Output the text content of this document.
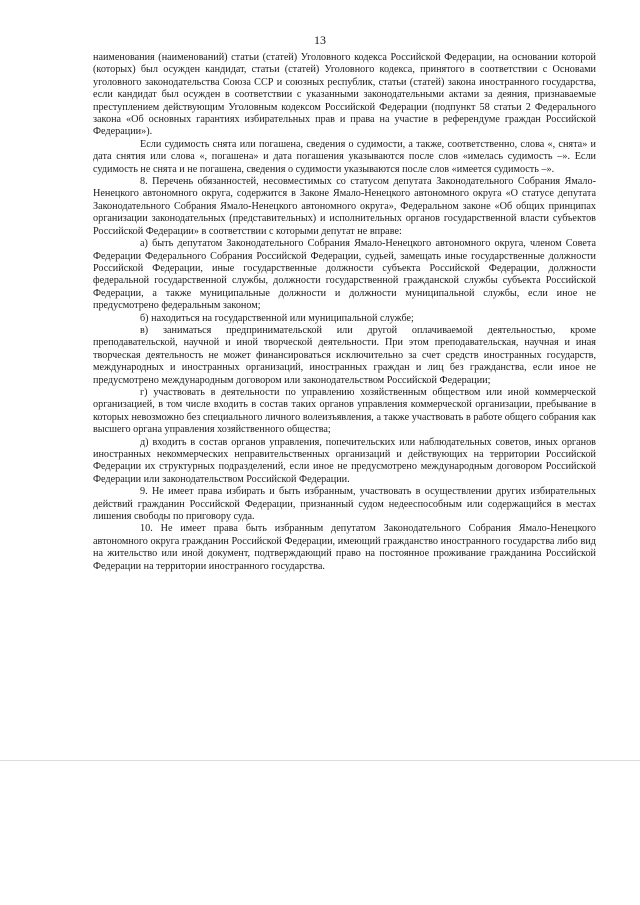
13

наименования (наименований) статьи (статей) Уголовного кодекса Российской Федерации, на основании которой (которых) был осужден кандидат, статьи (статей) Уголовного кодекса, принятого в соответствии с Основами уголовного законодательства Союза ССР и союзных республик, статьи (статей) закона иностранного государства, если кандидат был осужден в соответствии с указанными законодательными актами за деяния, признаваемые преступлением действующим Уголовным кодексом Российской Федерации (подпункт 58 статьи 2 Федерального закона «Об основных гарантиях избирательных прав и права на участие в референдуме граждан Российской Федерации»).

Если судимость снята или погашена, сведения о судимости, а также, соответственно, слова «, снята» и дата снятия или слова «, погашена» и дата погашения указываются после слов «имелась судимость –». Если судимость не снята и не погашена, сведения о судимости указываются после слов «имеется судимость –».

8. Перечень обязанностей, несовместимых со статусом депутата Законодательного Собрания Ямало-Ненецкого автономного округа, содержится в Законе Ямало-Ненецкого автономного округа «О статусе депутата Законодательного Собрания Ямало-Ненецкого автономного округа», Федеральном законе «Об общих принципах организации законодательных (представительных) и исполнительных органов государственной власти субъектов Российской Федерации» в соответствии с которыми депутат не вправе:

а) быть депутатом Законодательного Собрания Ямало-Ненецкого автономного округа, членом Совета Федерации Федерального Собрания Российской Федерации, судьей, замещать иные государственные должности Российской Федерации, иные государственные должности субъекта Российской Федерации, должности федеральной государственной службы, должности государственной гражданской службы субъекта Российской Федерации, а также муниципальные должности и должности муниципальной службы, если иное не предусмотрено федеральным законом;

б) находиться на государственной или муниципальной службе;

в) заниматься предпринимательской или другой оплачиваемой деятельностью, кроме преподавательской, научной и иной творческой деятельности. При этом преподавательская, научная и иная творческая деятельность не может финансироваться исключительно за счет средств иностранных государств, международных и иностранных организаций, иностранных граждан и лиц без гражданства, если иное не предусмотрено международным договором или законодательством Российской Федерации;

г) участвовать в деятельности по управлению хозяйственным обществом или иной коммерческой организацией, в том числе входить в состав таких органов управления коммерческой организации, пребывание в которых невозможно без специального личного волеизъявления, а также участвовать в работе общего собрания как высшего органа управления хозяйственного общества;

д) входить в состав органов управления, попечительских или наблюдательных советов, иных органов иностранных некоммерческих неправительственных организаций и действующих на территории Российской Федерации их структурных подразделений, если иное не предусмотрено международным договором Российской Федерации или законодательством Российской Федерации.

9. Не имеет права избирать и быть избранным, участвовать в осуществлении других избирательных действий гражданин Российской Федерации, признанный судом недееспособным или содержащийся в местах лишения свободы по приговору суда.

10. Не имеет права быть избранным депутатом Законодательного Собрания Ямало-Ненецкого автономного округа гражданин Российской Федерации, имеющий гражданство иностранного государства либо вид на жительство или иной документ, подтверждающий право на постоянное проживание гражданина Российской Федерации на территории иностранного государства.
